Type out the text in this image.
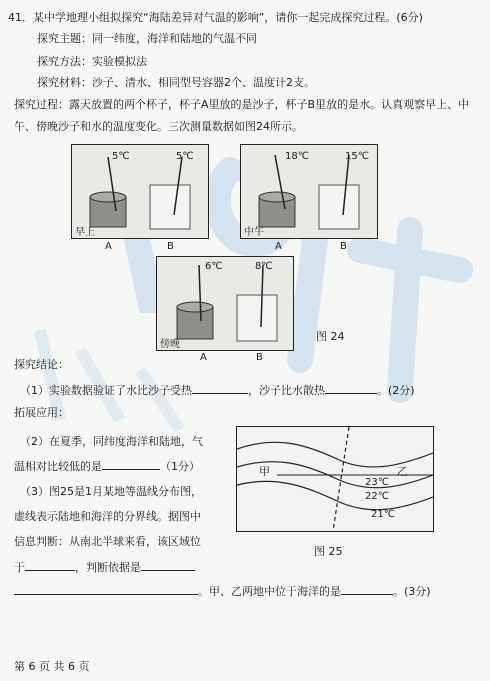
41．某中学地理小组拟探究“海陆差异对气温的影响”，请你一起完成探究过程。(6分)
探究主题：同一纬度，海洋和陆地的气温不同
探究方法：实验模拟法
探究材料：沙子、清水、相同型号容器2个、温度计2支。
探究过程：露天放置的两个杯子，杯子A里放的是沙子，杯子B里放的是水。认真观察早上、中
午、傍晚沙子和水的温度变化。三次测量数据如图24所示。
5℃	5℃
早上
A	B
18℃	15℃
中午
A	B
6℃	8℃
傍晚
A	B
图 24
探究结论：
（1）实验数据验证了水比沙子受热	，沙子比水散热	。(2分)
拓展应用：
（2）在夏季，同纬度海洋和陆地，气
温相对比较低的是	（1分）
（3）图25是1月某地等温线分布图，
虚线表示陆地和海洋的分界线。据图中
信息判断：从南北半球来看，该区域位
于	，判断依据是
。甲、乙两地中位于海洋的是	。(3分)
甲	乙
23℃
22℃
21℃
图 25
第 6 页 共 6 页
